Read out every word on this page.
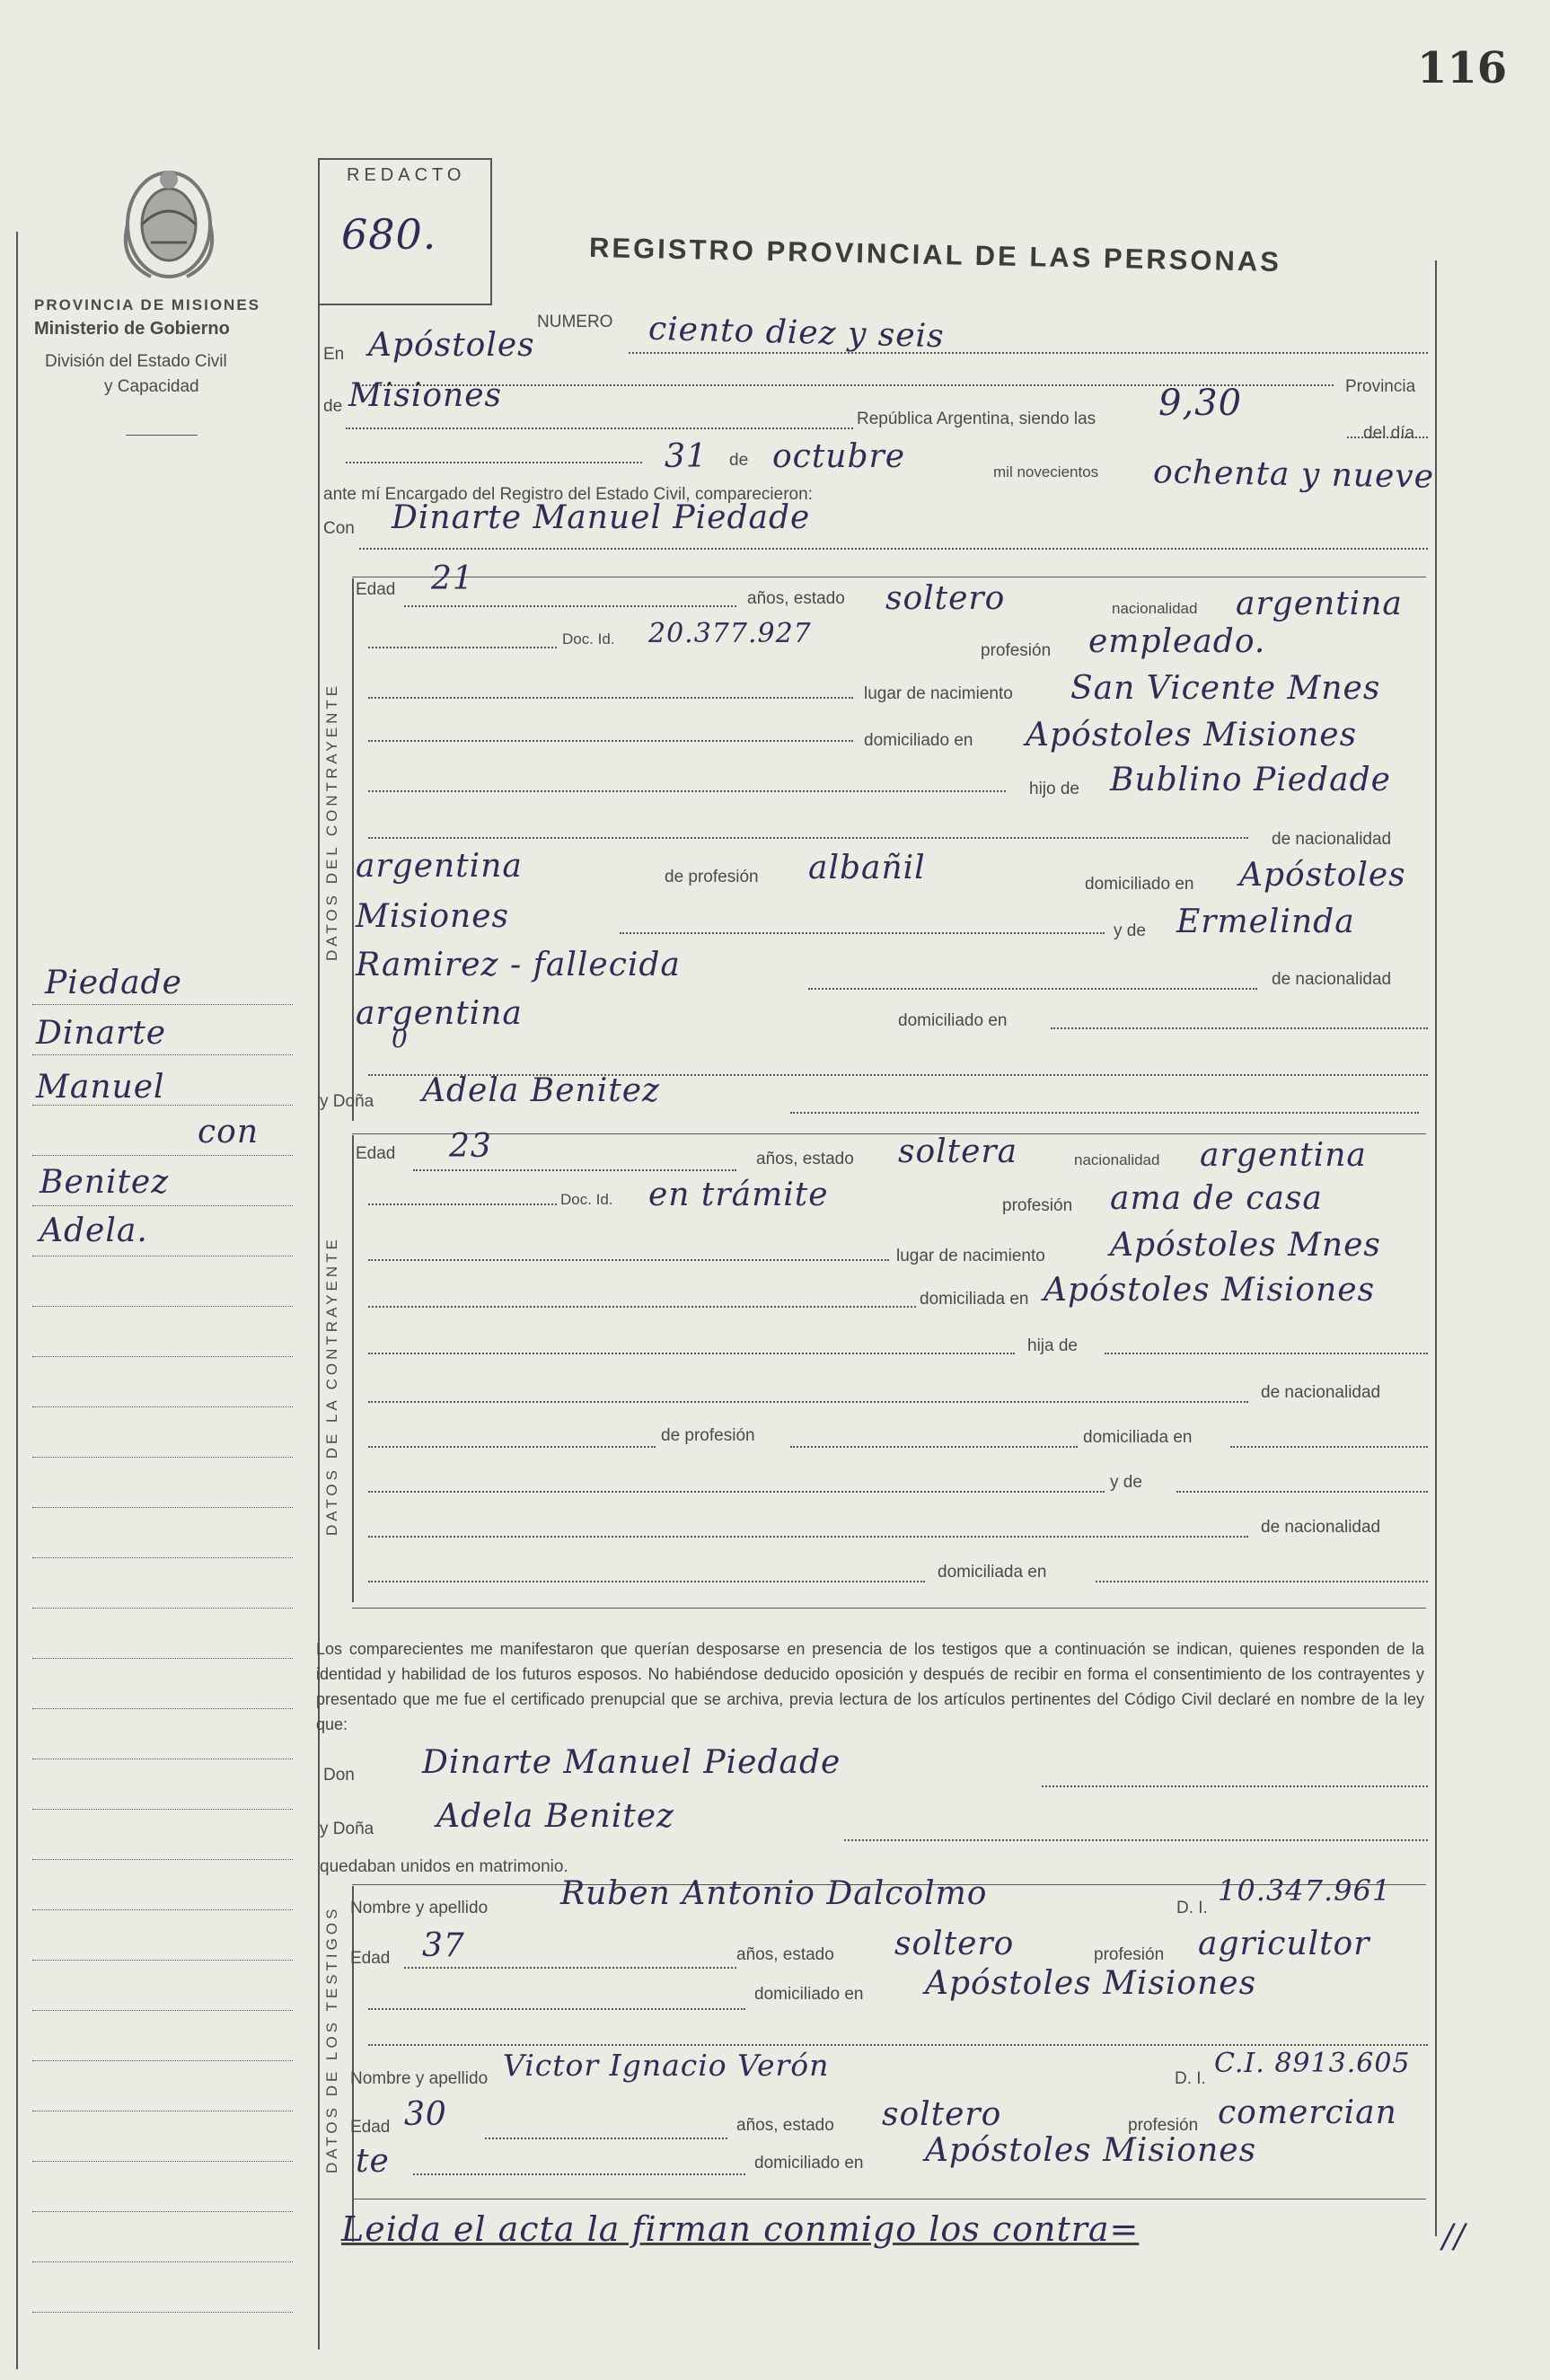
116
PROVINCIA DE MISIONES
Ministerio de Gobierno
División del Estado Civil
y Capacidad
REDACTO
680.	REGISTRO PROVINCIAL DE LAS PERSONAS
Piedade
Dinarte
Manuel
con
Benitez
Adela.
NUMERO ciento diez y seis
En Apóstoles
Provincia
de Misiones
República Argentina, siendo las 9,30
31 de octubre
del día
mil novecientos ochenta y nueve
ante mí Encargado del Registro del Estado Civil, comparecieron:
Con Dinarte Manuel Piedade
DATOS DEL CONTRAYENTE
Edad 21
años, estado soltero	nacionalidad argentina
Doc. Id. 20.377.927
profesión empleado.
lugar de nacimiento San Vicente Mnes
domiciliado en Apóstoles Misiones
hijo de Bublino Piedade
de nacionalidad
argentina	de profesión albañil	domiciliado en Apóstoles
Misiones	y de Ermelinda
Ramirez - fallecida	de nacionalidad
argentina	domiciliado en
0
y Doña Adela Benitez
DATOS DE LA CONTRAYENTE
Edad 23	años, estado soltera	nacionalidad argentina
Doc. Id. en trámite	profesión ama de casa
lugar de nacimiento Apóstoles Mnes
domiciliada en Apóstoles Misiones
hija de
de nacionalidad
de profesión	domiciliada en
y de
de nacionalidad
domiciliada en
Los comparecientes me manifestaron que querían desposarse en presencia de los testigos que a continuación se indican, quienes responden de la identidad y habilidad de los futuros esposos. No habiéndose deducido oposición y después de recibir en forma el consentimiento de los contrayentes y presentado que me fue el certificado prenupcial que se archiva, previa lectura de los artículos pertinentes del Código Civil declaré en nombre de la ley que:
Don Dinarte Manuel Piedade
y Doña Adela Benitez
quedaban unidos en matrimonio.
DATOS DE LOS TESTIGOS Nombre y apellido Ruben Antonio Dalcolmo	D. I.
10.347.961
Edad 37	años, estado soltero	profesión agricultor
domiciliado en Apóstoles Misiones
Nombre y apellido Victor Ignacio Verón	D. I. C.I. 8913.605
Edad 30	años, estado soltero	profesión comercian
te	domiciliado en Apóstoles Misiones
Leida el acta la firman conmigo los contra=	//
